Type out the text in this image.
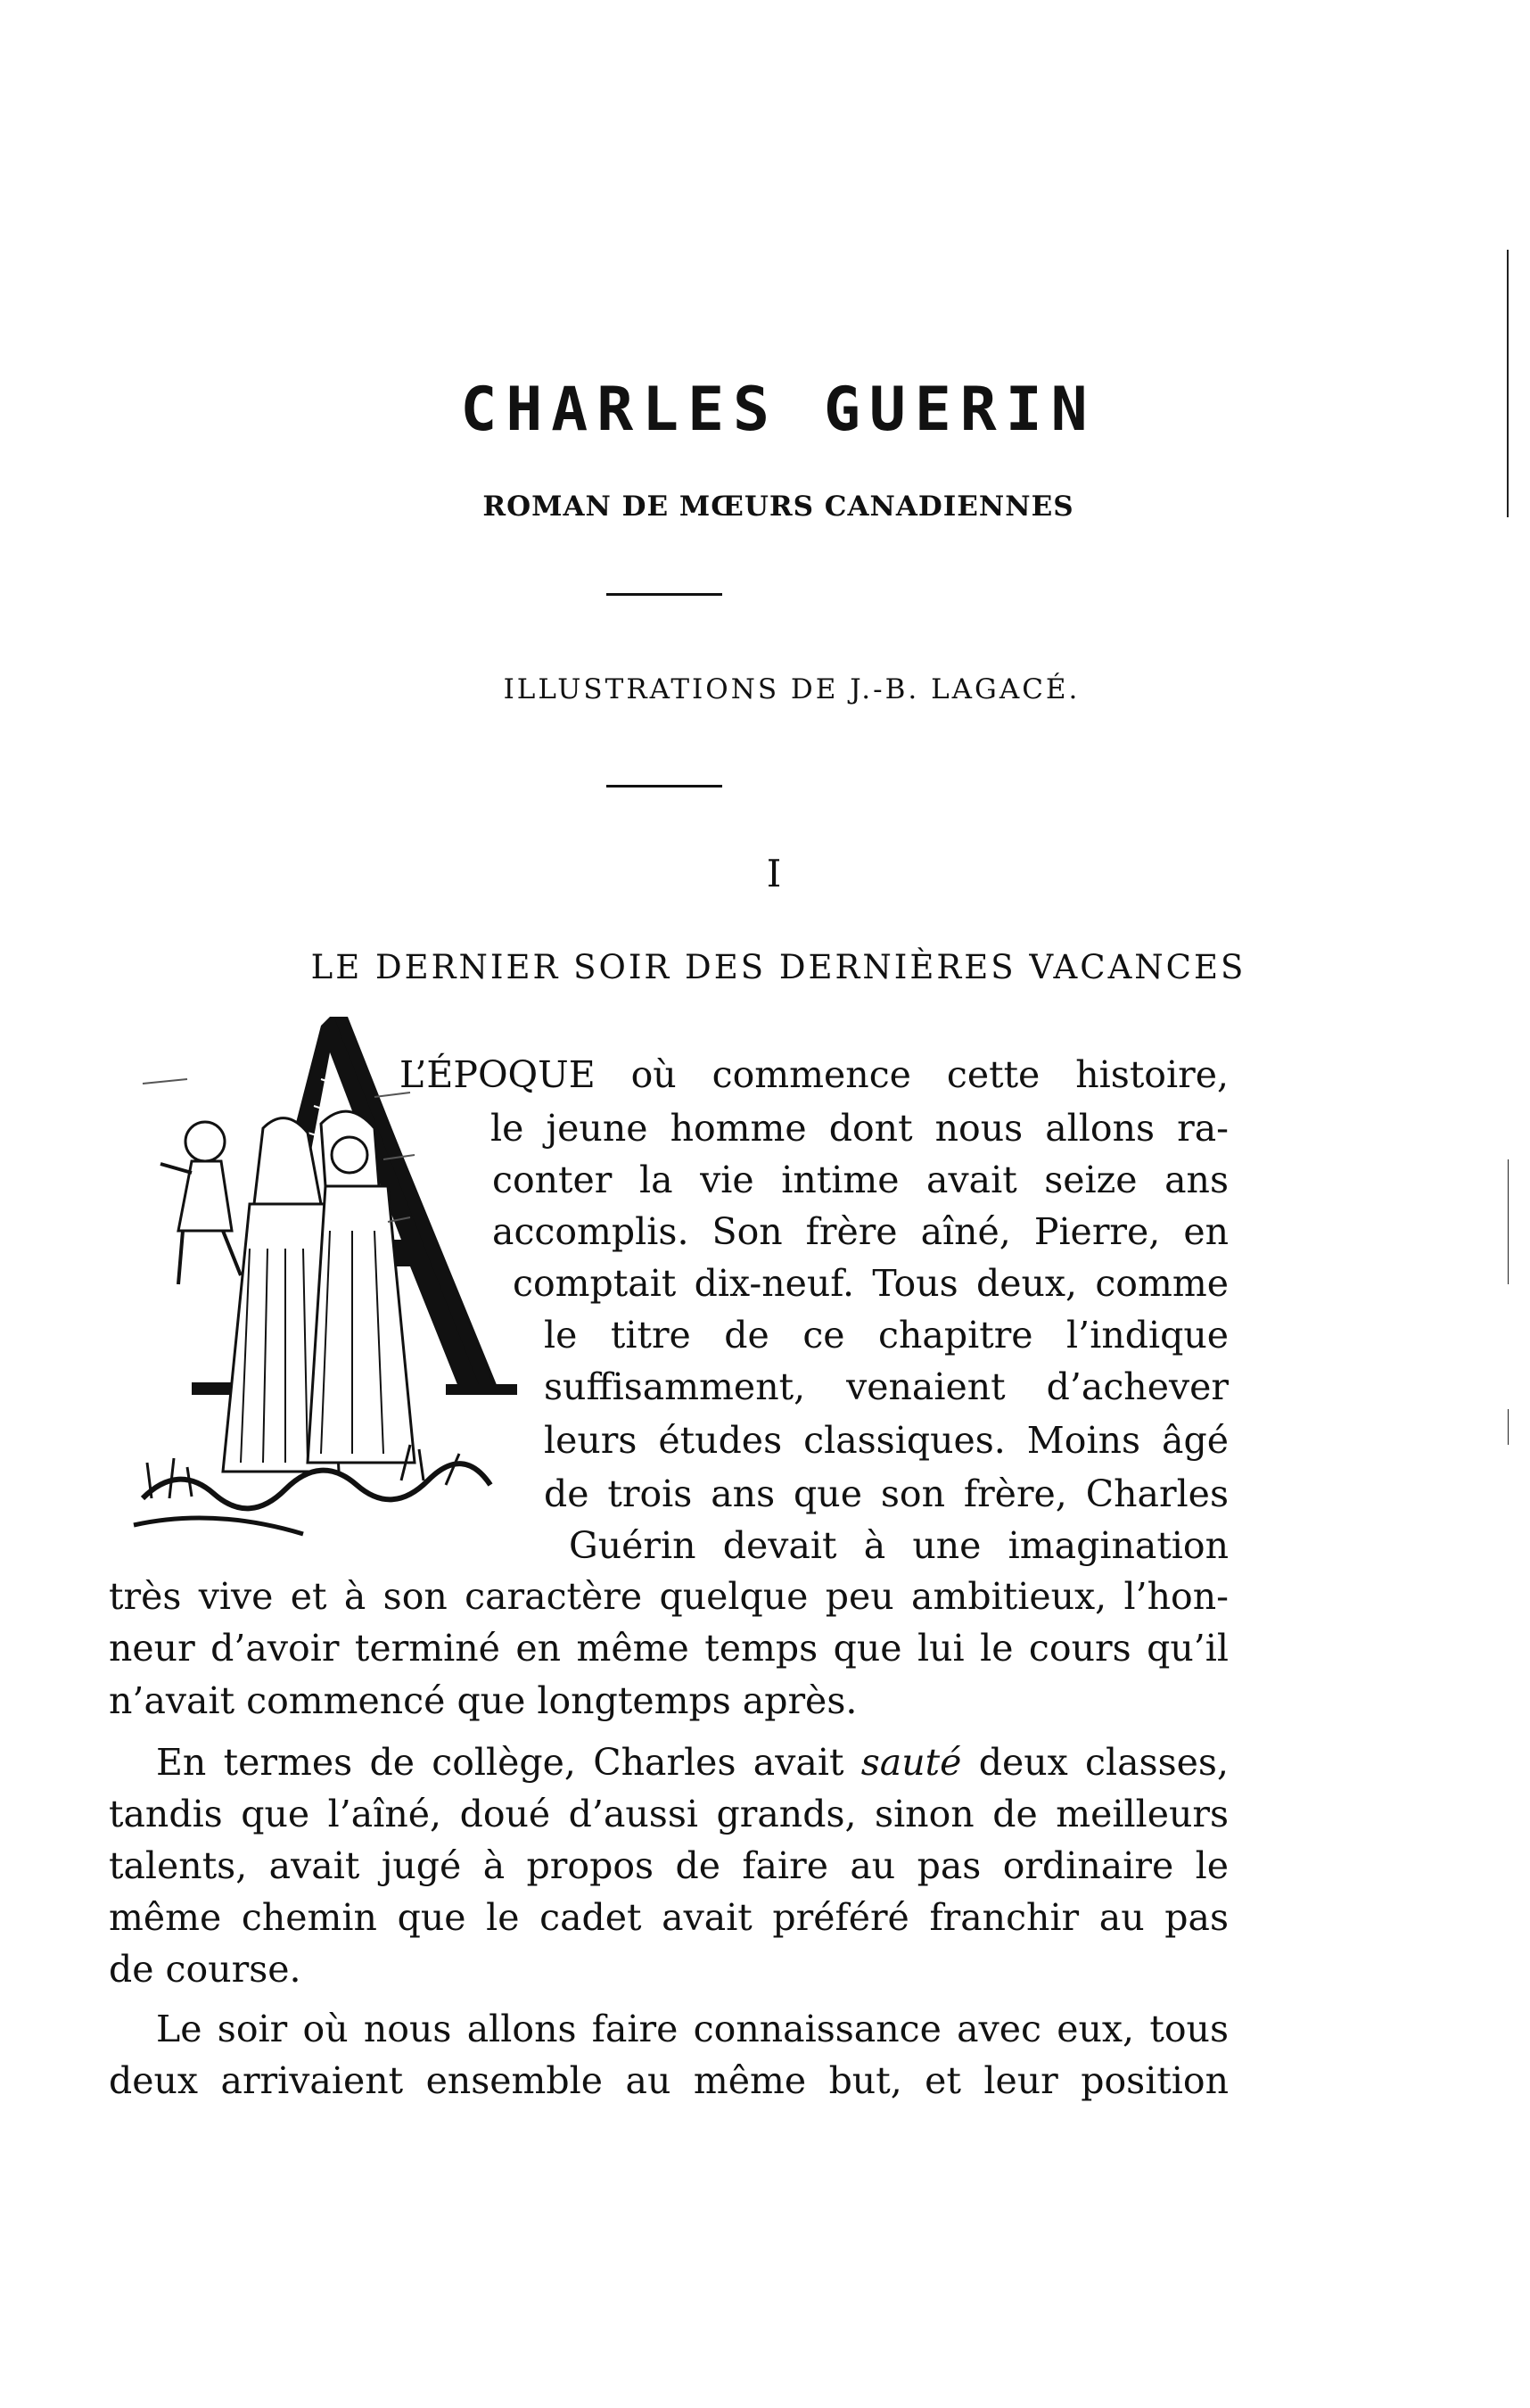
CHARLES GUERIN
ROMAN DE MŒURS CANADIENNES
ILLUSTRATIONS DE J.-B. LAGACÉ.
I
LE DERNIER SOIR DES DERNIÈRES VACANCES
L’ÉPOQUE où commence cette histoire,
le jeune homme dont nous allons ra-
conter la vie intime avait seize ans
accomplis. Son frère aîné, Pierre, en
comptait dix-neuf. Tous deux, comme
le titre de ce chapitre l’indique
suffisamment, venaient d’achever
leurs études classiques. Moins âgé
de trois ans que son frère, Charles
Guérin devait à une imagination
très vive et à son caractère quelque peu ambitieux, l’hon-
neur d’avoir terminé en même temps que lui le cours qu’il
n’avait commencé que longtemps après.
En termes de collège, Charles avait sauté deux classes,
tandis que l’aîné, doué d’aussi grands, sinon de meilleurs
talents, avait jugé à propos de faire au pas ordinaire le
même chemin que le cadet avait préféré franchir au pas
de course.
Le soir où nous allons faire connaissance avec eux, tous
deux arrivaient ensemble au même but, et leur position
